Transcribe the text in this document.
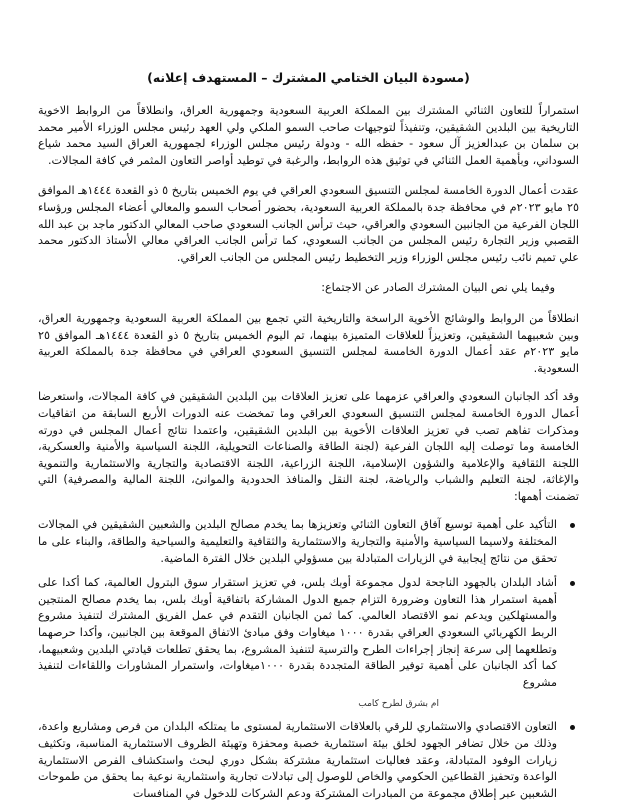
(مسودة البيان الختامي المشترك – المستهدف إعلانه)

استمراراً للتعاون الثنائي المشترك بين المملكة العربية السعودية وجمهورية العراق، وانطلاقاً من الروابط الاخوية التاريخية بين البلدين الشقيقين، وتنفيذاً لتوجيهات صاحب السمو الملكي ولي العهد رئيس مجلس الوزراء الأمير محمد بن سلمان بن عبدالعزيز آل سعود - حفظه الله - ودولة رئيس مجلس الوزراء لجمهورية العراق السيد محمد شياع السوداني، وبأهمية العمل الثنائي في توثيق هذه الروابط، والرغبة في توطيد أواصر التعاون المثمر في كافة المجالات.

عقدت أعمال الدورة الخامسة لمجلس التنسيق السعودي العراقي في يوم الخميس بتاريخ ٥ ذو القعدة ١٤٤٤هـ الموافق ٢٥ مايو ٢٠٢٣م في محافظة جدة بالمملكة العربية السعودية، بحضور أصحاب السمو والمعالي أعضاء المجلس ورؤساء اللجان الفرعية من الجانبين السعودي والعراقي، حيث ترأس الجانب السعودي صاحب المعالي الدكتور ماجد بن عبد الله القصبي وزير التجارة رئيس المجلس من الجانب السعودي، كما ترأس الجانب العراقي معالي الأستاذ الدكتور محمد علي تميم نائب رئيس مجلس الوزراء وزير التخطيط رئيس المجلس من الجانب العراقي.

وفيما يلي نص البيان المشترك الصادر عن الاجتماع:

انطلاقاً من الروابط والوشائج الأخوية الراسخة والتاريخية التي تجمع بين المملكة العربية السعودية وجمهورية العراق، وبين شعبيهما الشقيقين، وتعزيزاً للعلاقات المتميزة بينهما، تم اليوم الخميس بتاريخ ٥ ذو القعدة ١٤٤٤هـ الموافق ٢٥ مايو ٢٠٢٣م عقد أعمال الدورة الخامسة لمجلس التنسيق السعودي العراقي في محافظة جدة بالمملكة العربية السعودية.

وقد أكد الجانبان السعودي والعراقي عزمهما على تعزيز العلاقات بين البلدين الشقيقين في كافة المجالات، واستعرضا أعمال الدورة الخامسة لمجلس التنسيق السعودي العراقي وما تمخضت عنه الدورات الأربع السابقة من اتفاقيات ومذكرات تفاهم تصب في تعزيز العلاقات الأخوية بين البلدين الشقيقين، واعتمدا نتائج أعمال المجلس في دورته الخامسة وما توصلت إليه اللجان الفرعية (لجنة الطاقة والصناعات التحويلية، اللجنة السياسية والأمنية والعسكرية، اللجنة الثقافية والإعلامية والشؤون الإسلامية، اللجنة الزراعية، اللجنة الاقتصادية والتجارية والاستثمارية والتنموية والإغاثة، لجنة التعليم والشباب والرياضة، لجنة النقل والمنافذ الحدودية والموانئ، اللجنة المالية والمصرفية) التي تضمنت أهمها:

التأكيد على أهمية توسيع آفاق التعاون الثنائي وتعزيزها بما يخدم مصالح البلدين والشعبين الشقيقين في المجالات المختلفة ولاسيما السياسية والأمنية والتجارية والاستثمارية والثقافية والتعليمية والسياحية والطاقة، والبناء على ما تحقق من نتائج إيجابية في الزيارات المتبادلة بين مسؤولي البلدين خلال الفترة الماضية.
أشاد البلدان بالجهود الناجحة لدول مجموعة أوبك بلس، في تعزيز استقرار سوق البترول العالمية، كما أكدا على أهمية استمرار هذا التعاون وضرورة التزام جميع الدول المشاركة باتفاقية أوبك بلس، بما يخدم مصالح المنتجين والمستهلكين ويدعم نمو الاقتصاد العالمي. كما ثمن الجانبان التقدم في عمل الفريق المشترك لتنفيذ مشروع الربط الكهربائي السعودي العراقي بقدرة ١٠٠٠ ميغاوات وفق مبادئ الاتفاق الموقعة بين الجانبين، وأكدا حرصهما وتطلعهما إلى سرعة إنجاز إجراءات الطرح والترسية لتنفيذ المشروع، بما يحقق تطلعات قيادتي البلدين وشعبيهما، كما أكد الجانبان على أهمية توفير الطاقة المتجددة بقدرة ١٠٠٠ميغاوات، واستمرار المشاورات واللقاءات لتنفيذ مشروع
ام بشرق لطرح كامب
التعاون الاقتصادي والاستثماري للرقي بالعلاقات الاستثمارية لمستوى ما يمتلكه البلدان من فرص ومشاريع واعدة، وذلك من خلال تضافر الجهود لخلق بيئة استثمارية خصبة ومحفزة وتهيئة الظروف الاستثمارية المناسبة، وتكثيف زيارات الوفود المتبادلة، وعقد فعاليات استثمارية مشتركة بشكل دوري لبحث واستكشاف الفرص الاستثمارية الواعدة وتحفيز القطاعين الحكومي والخاص للوصول إلى تبادلات تجارية واستثمارية نوعية بما يحقق من طموحات الشعبين عبر إطلاق مجموعة من المبادرات المشتركة ودعم الشركات للدخول في المنافسات
